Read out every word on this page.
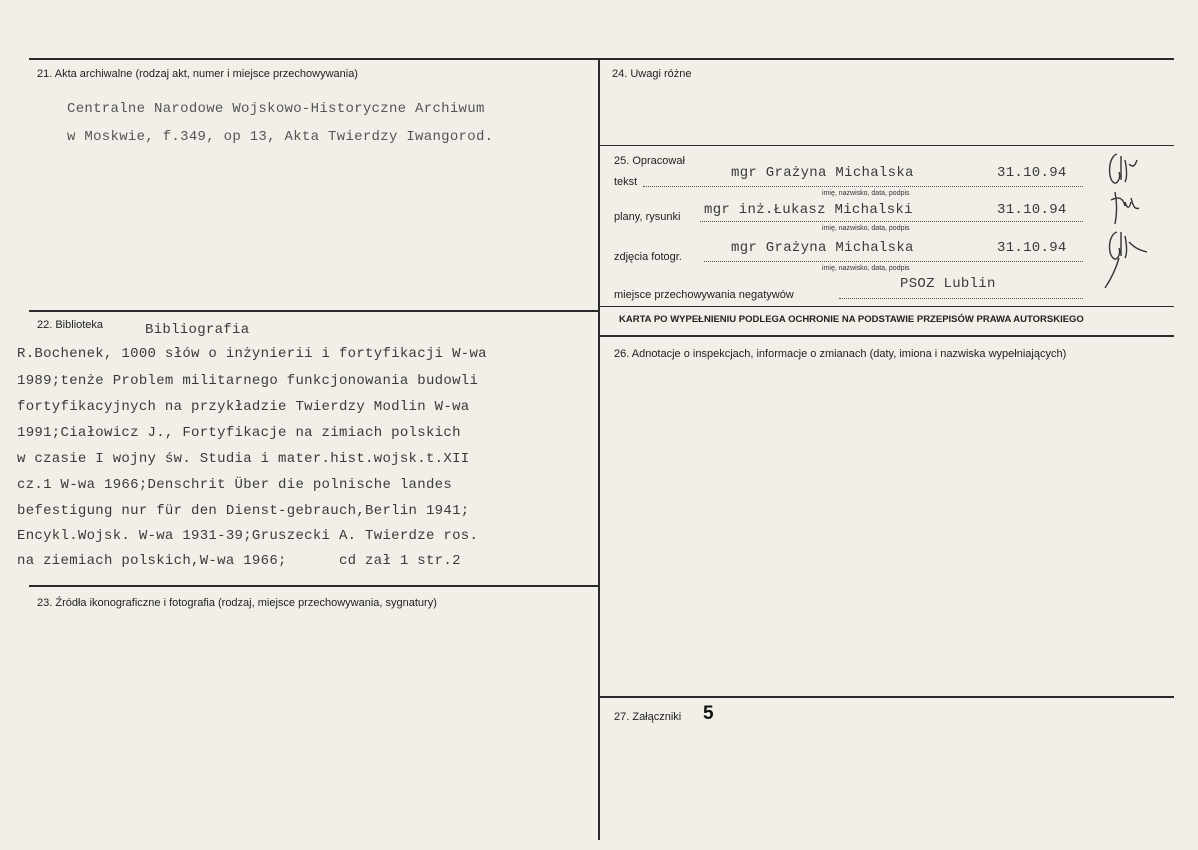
21. Akta archiwalne (rodzaj akt, numer i miejsce przechowywania)
Centralne Narodowe Wojskowo-Historyczne Archiwum
w Moskwie, f.349, op 13, Akta Twierdzy Iwangorod.
22. Biblioteka	Bibliografia
R.Bochenek, 1000 słów o inżynierii i fortyfikacji W-wa
1989;tenże Problem militarnego funkcjonowania budowli
fortyfikacyjnych na przykładzie Twierdzy Modlin W-wa
1991;Ciałowicz J., Fortyfikacje na zimiach polskich
w czasie I wojny św. Studia i mater.hist.wojsk.t.XII
cz.1 W-wa 1966;Denschrit Über die polnische landes
befestigung nur für den Dienst-gebrauch,Berlin 1941;
Encykl.Wojsk. W-wa 1931-39;Gruszecki A. Twierdze ros.
na ziemiach polskich,W-wa 1966;      cd zał 1 str.2
23. Źródła ikonograficzne i fotografia (rodzaj, miejsce przechowywania, sygnatury)
24. Uwagi różne
25. Opracował
tekst
mgr Grażyna Michalska	31.10.94
imię, nazwisko, data, podpis
plany, rysunki mgr inż.Łukasz Michalski	31.10.94
imię, nazwisko, data, podpis
zdjęcia fotogr.
mgr Grażyna Michalska	31.10.94
imię, nazwisko, data, podpis
miejsce przechowywania negatywów
PSOZ Lublin
KARTA PO WYPEŁNIENIU PODLEGA OCHRONIE NA PODSTAWIE PRZEPISÓW PRAWA AUTORSKIEGO
26. Adnotacje o inspekcjach, informacje o zmianach (daty, imiona i nazwiska wypełniających)
27. Załączniki 5
